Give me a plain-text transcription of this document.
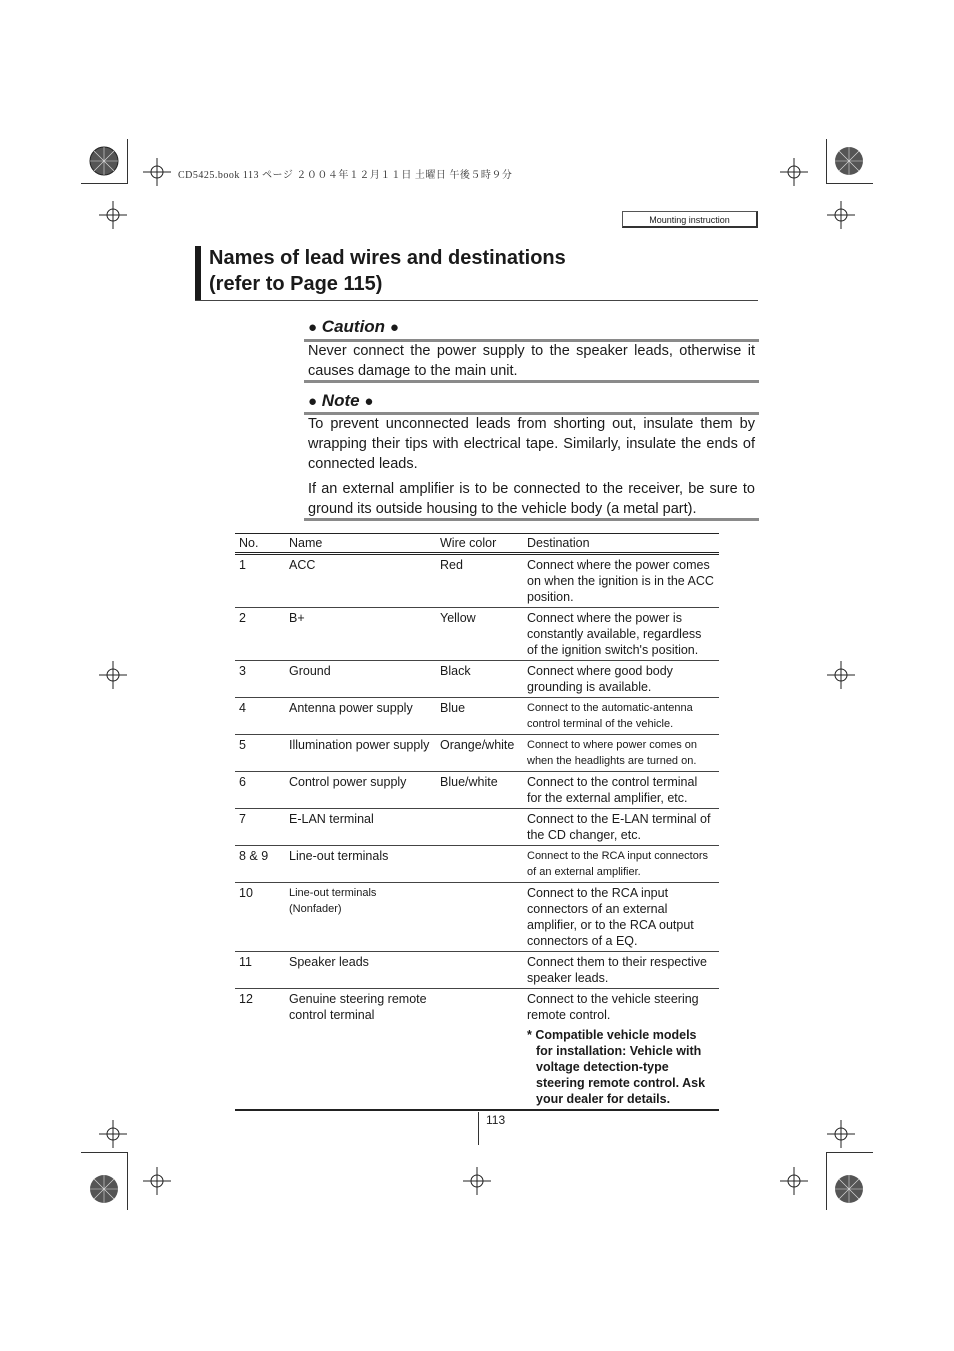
CD5425.book 113 ページ ２００４年１２月１１日 土曜日 午後５時９分
Mounting instruction
Names of lead wires and destinations
(refer to Page 115)
● Caution ●
Never connect the power supply to the speaker leads, otherwise it causes damage to the main unit.
● Note ●
To prevent unconnected leads from shorting out, insulate them by wrapping their tips with electrical tape. Similarly, insulate the ends of connected leads.
If an external amplifier is to be connected to the receiver, be sure to ground its outside housing to the vehicle body (a metal part).
No.	Name	Wire color	Destination
1	ACC	Red	Connect where the power comes on when the ignition is in the ACC position.
2	B+	Yellow	Connect where the power is constantly available, regardless of the ignition switch's position.
3	Ground	Black	Connect where good body grounding is available.
4	Antenna power supply	Blue	Connect to the automatic-antenna control terminal of the vehicle.
5	Illumination power supply	Orange/white	Connect to where power comes on when the headlights are turned on.
6	Control power supply	Blue/white	Connect to the control terminal for the external amplifier, etc.
7	E-LAN terminal		Connect to the E-LAN terminal of the CD changer, etc.
8 & 9	Line-out terminals		Connect to the RCA input connectors of an external amplifier.
10	Line-out terminals (Nonfader)		Connect to the RCA input connectors of an external amplifier, or to the RCA output connectors of a EQ.
11	Speaker leads		Connect them to their respective speaker leads.
12	Genuine steering remote control terminal		Connect to the vehicle steering remote control.
* Compatible vehicle models for installation: Vehicle with voltage detection-type steering remote control. Ask your dealer for details.
113
